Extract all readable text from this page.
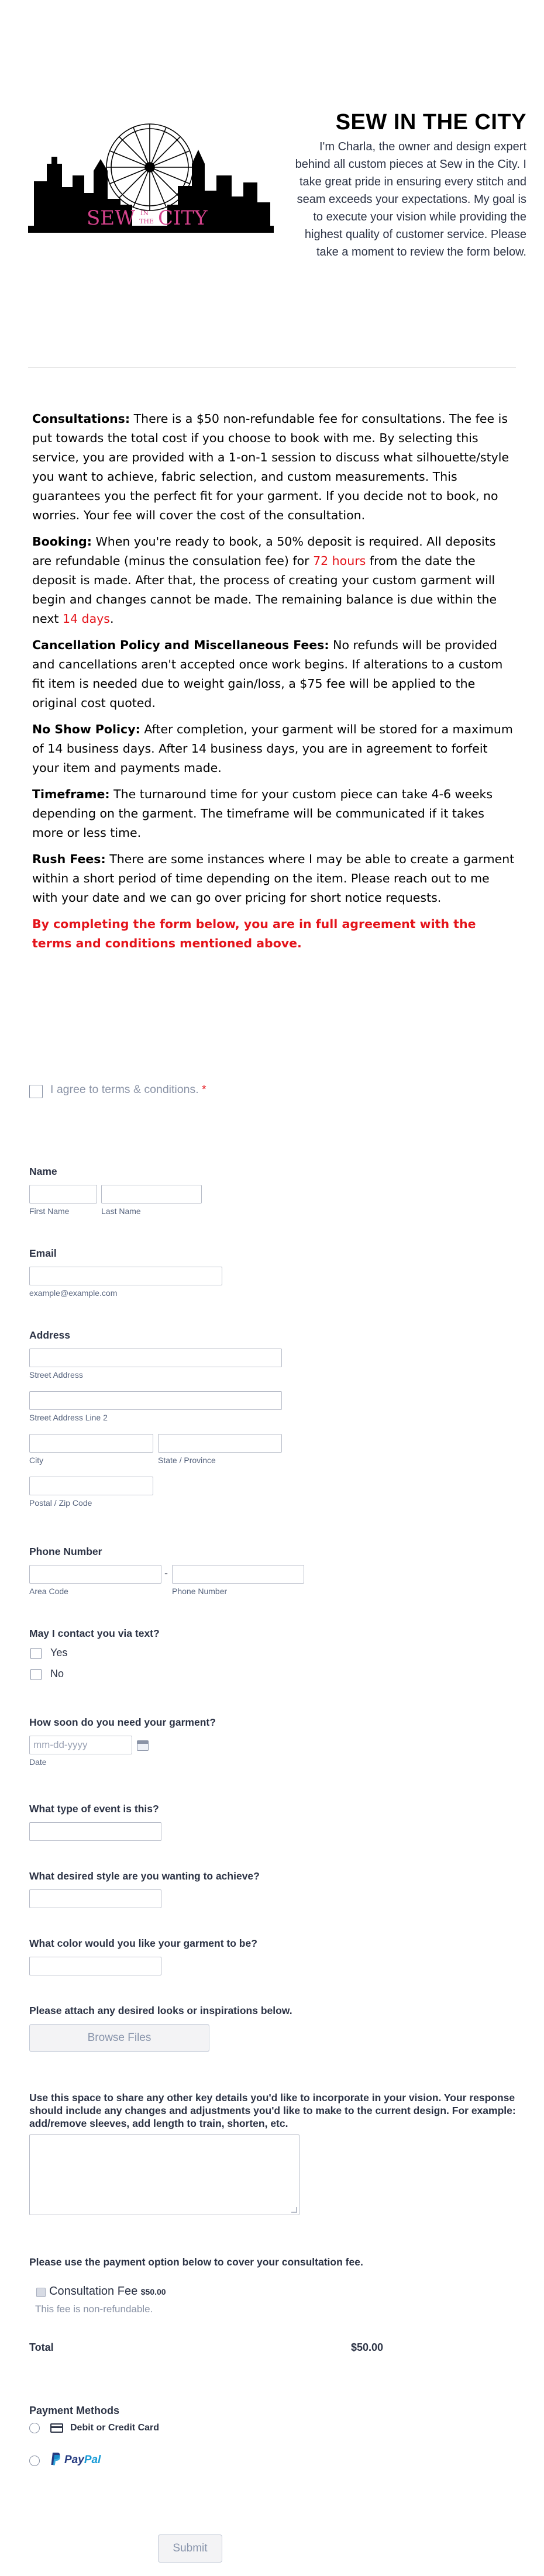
SEW IN
THE CITY
SEW IN THE CITY
I'm Charla, the owner and design expert behind all custom pieces at Sew in the City. I take great pride in ensuring every stitch and seam exceeds your expectations. My goal is to execute your vision while providing the highest quality of customer service. Please take a moment to review the form below.

Consultations: There is a $50 non-refundable fee for consultations. The fee is put towards the total cost if you choose to book with me. By selecting this service, you are provided with a 1-on-1 session to discuss what silhouette/style you want to achieve, fabric selection, and custom measurements. This guarantees you the perfect fit for your garment. If you decide not to book, no worries. Your fee will cover the cost of the consultation.

Booking: When you're ready to book, a 50% deposit is required. All deposits are refundable (minus the consulation fee) for 72 hours from the date the deposit is made. After that, the process of creating your custom garment will begin and changes cannot be made. The remaining balance is due within the next 14 days.

Cancellation Policy and Miscellaneous Fees: No refunds will be provided and cancellations aren't accepted once work begins. If alterations to a custom fit item is needed due to weight gain/loss, a $75 fee will be applied to the original cost quoted.

No Show Policy: After completion, your garment will be stored for a maximum of 14 business days. After 14 business days, you are in agreement to forfeit your item and payments made.

Timeframe: The turnaround time for your custom piece can take 4-6 weeks depending on the garment. The timeframe will be communicated if it takes more or less time.

Rush Fees: There are some instances where I may be able to create a garment within a short period of time depending on the item. Please reach out to me with your date and we can go over pricing for short notice requests.

By completing the form below, you are in full agreement with the terms and conditions mentioned above.

I agree to terms & conditions. *
Name
First Name	Last Name
Email
example@example.com
Address
Street Address
Street Address Line 2
City	State / Province
Postal / Zip Code
Phone Number
-
Area Code	Phone Number
May I contact you via text?
Yes
No
How soon do you need your garment?
mm-dd-yyyy
Date
What type of event is this?
What desired style are you wanting to achieve?
What color would you like your garment to be?
Please attach any desired looks or inspirations below.
Browse Files
Use this space to share any other key details you'd like to incorporate in your vision. Your response should include any changes and adjustments you'd like to make to the current design. For example: add/remove sleeves, add length to train, shorten, etc.
Please use the payment option below to cover your consultation fee.
Consultation Fee $50.00
This fee is non-refundable.
Total	$50.00
Payment Methods
Debit or Credit Card
PayPal
Submit
